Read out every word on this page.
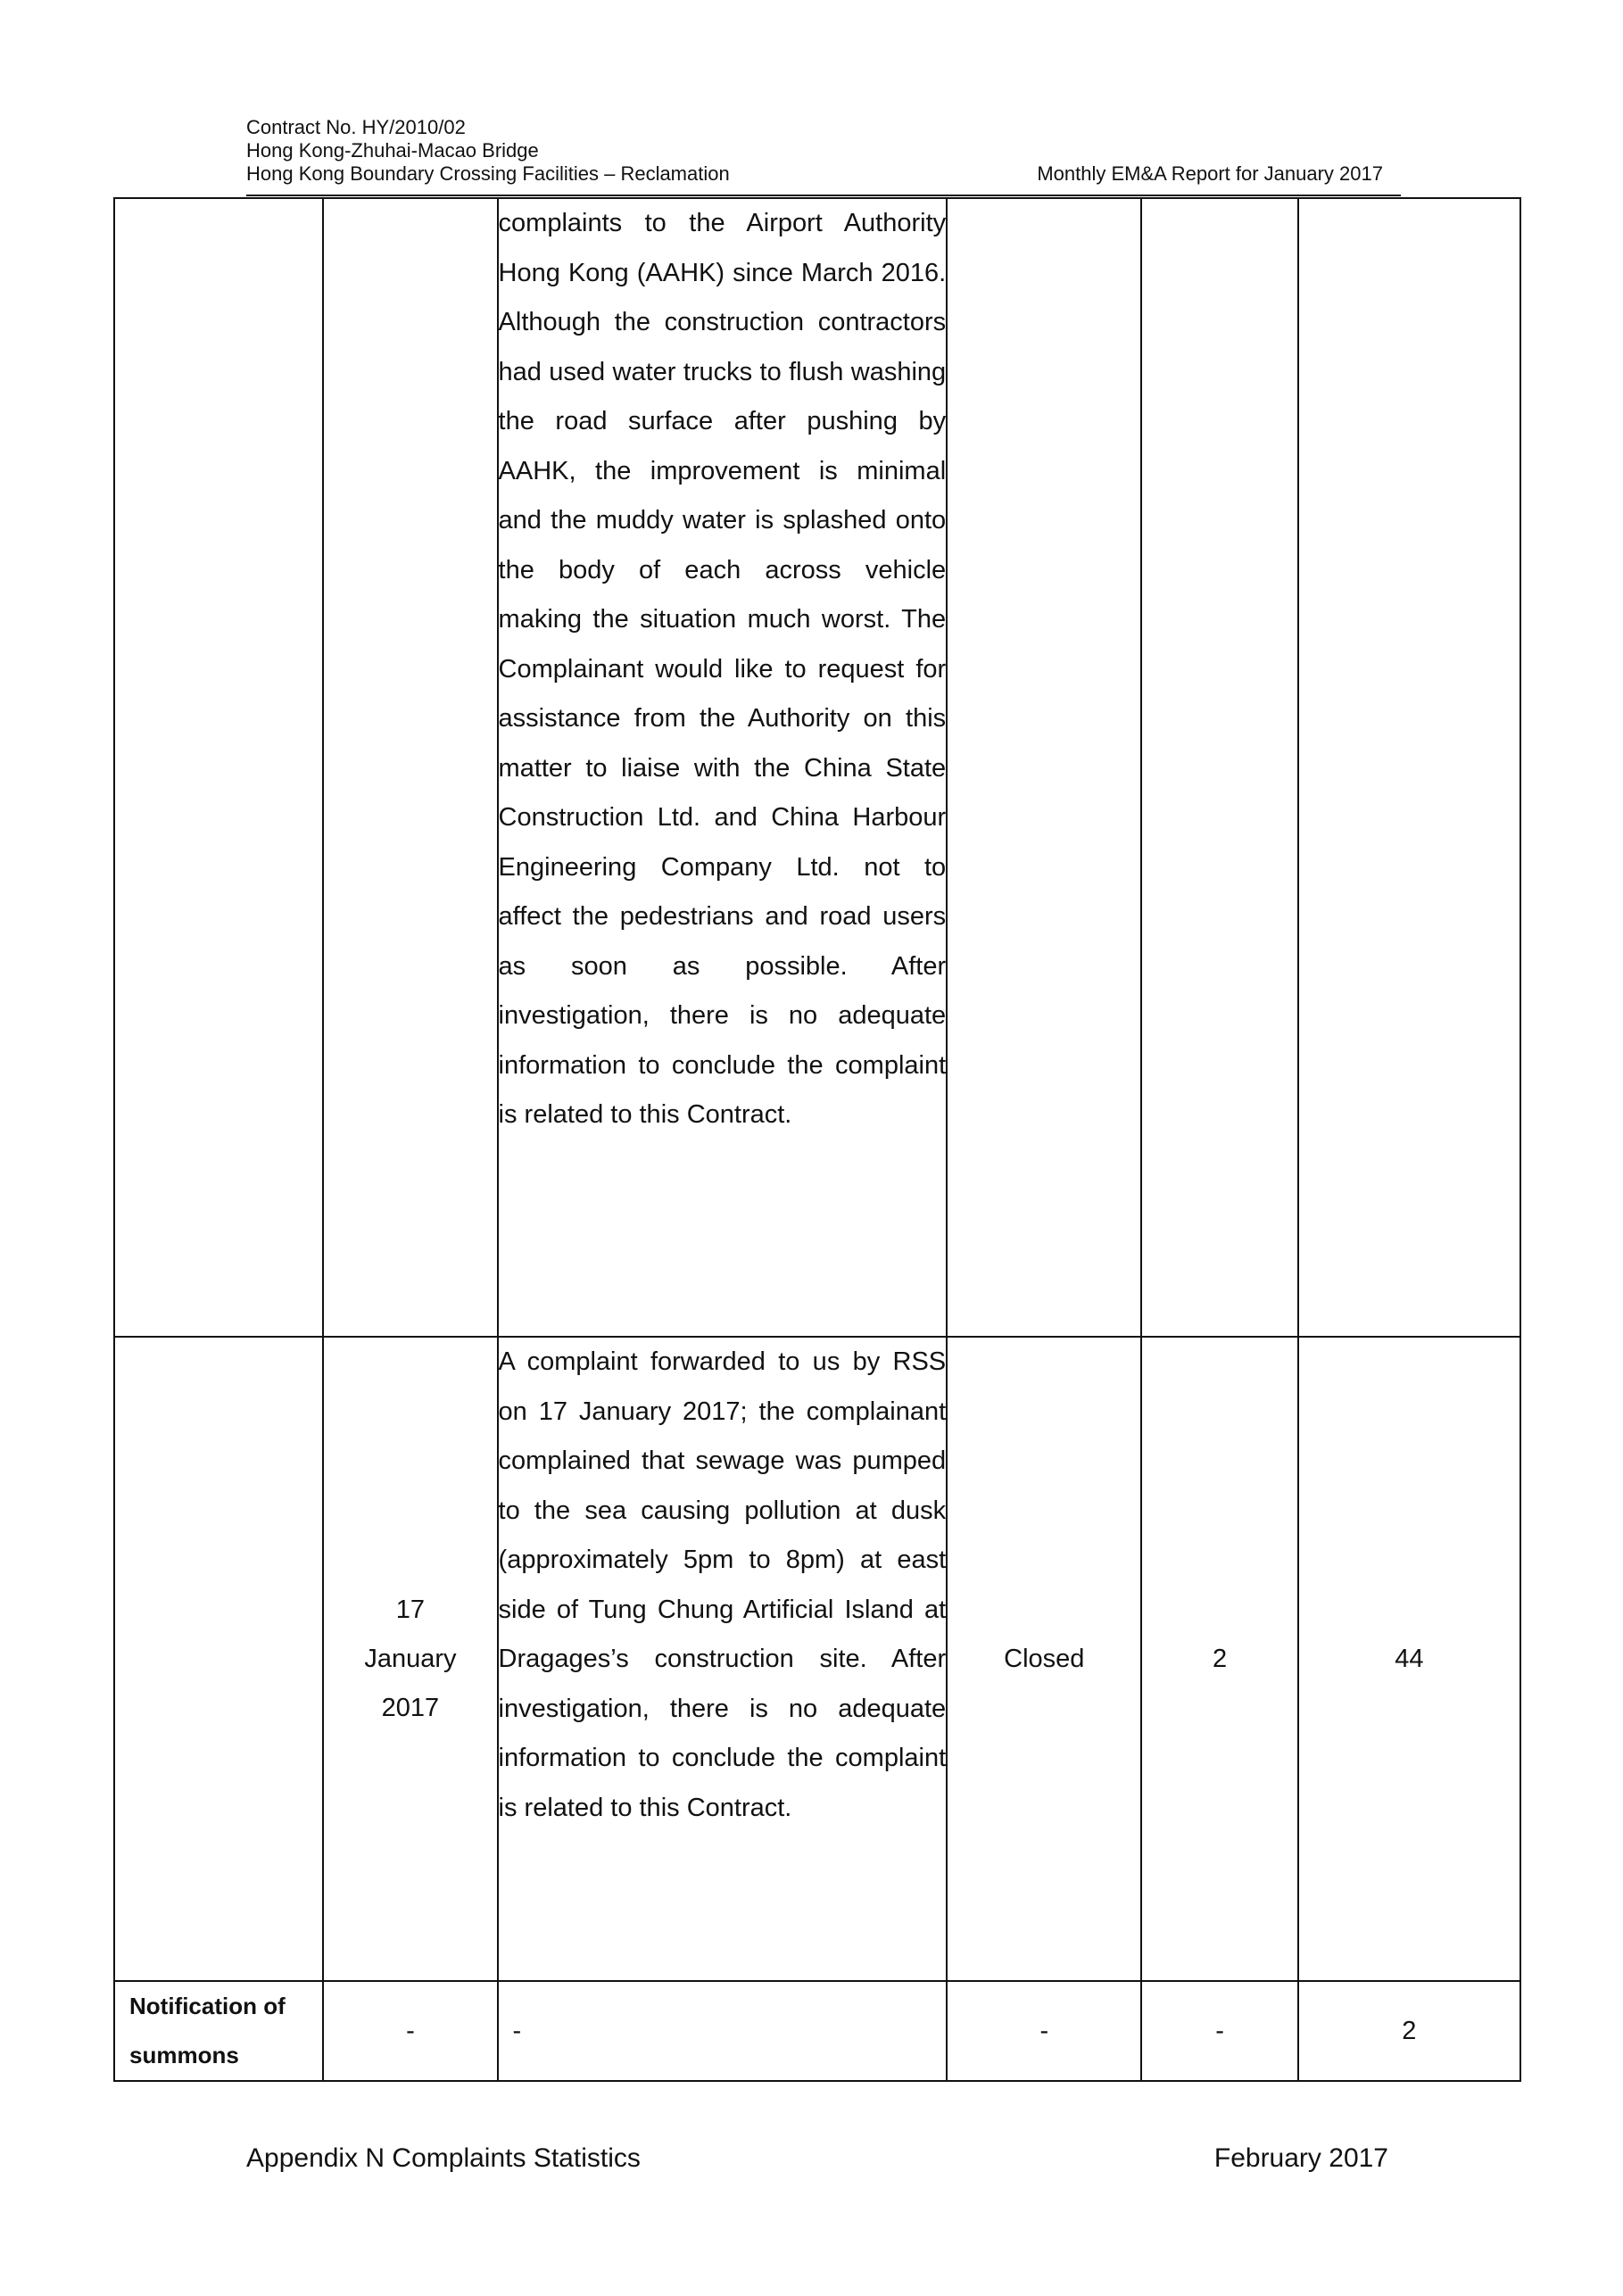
Contract No. HY/2010/02
Hong Kong-Zhuhai-Macao Bridge
Hong Kong Boundary Crossing Facilities – Reclamation	Monthly EM&A Report for January 2017
		complaints to the Airport Authority Hong Kong (AAHK) since March 2016. Although the construction contractors had used water trucks to flush washing the road surface after pushing by AAHK, the improvement is minimal and the muddy water is splashed onto the body of each across vehicle making the situation much worst. The Complainant would like to request for assistance from the Authority on this matter to liaise with the China State Construction Ltd. and China Harbour Engineering Company Ltd. not to affect the pedestrians and road users as soon as possible. After investigation, there is no adequate information to conclude the complaint is related to this Contract.			

	17 January 2017	A complaint forwarded to us by RSS on 17 January 2017; the complainant complained that sewage was pumped to the sea causing pollution at dusk (approximately 5pm to 8pm) at east side of Tung Chung Artificial Island at Dragages’s construction site. After investigation, there is no adequate information to conclude the complaint is related to this Contract.	Closed	2	44
Notification of summons	-	-	-	-	2
Appendix N Complaints Statistics	February 2017
